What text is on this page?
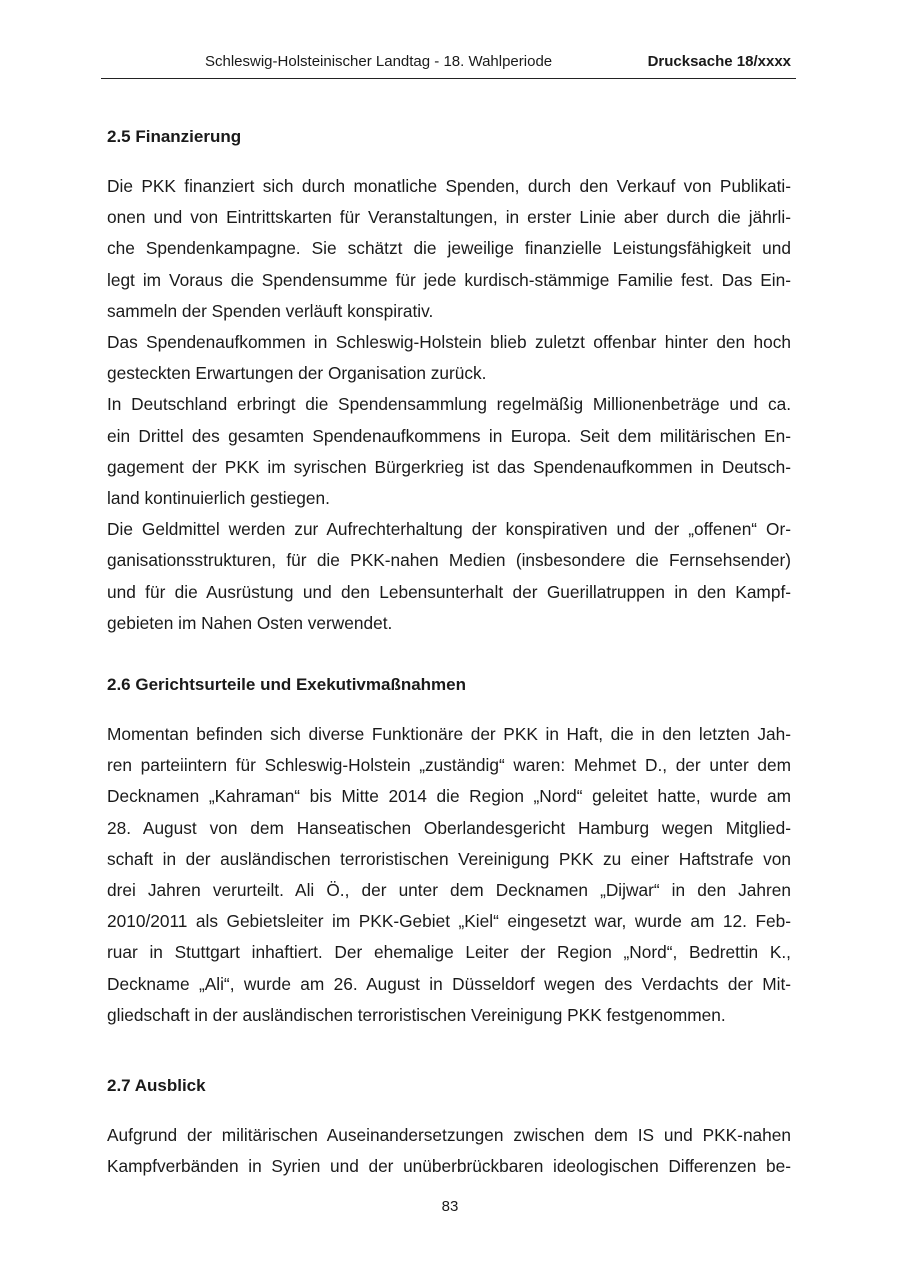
Schleswig-Holsteinischer Landtag - 18. Wahlperiode	Drucksache 18/xxxx
2.5 Finanzierung
Die PKK finanziert sich durch monatliche Spenden, durch den Verkauf von Publikati-
onen und von Eintrittskarten für Veranstaltungen, in erster Linie aber durch die jährli-
che Spendenkampagne. Sie schätzt die jeweilige finanzielle Leistungsfähigkeit und
legt im Voraus die Spendensumme für jede kurdisch-stämmige Familie fest. Das Ein-
sammeln der Spenden verläuft konspirativ.
Das Spendenaufkommen in Schleswig-Holstein blieb zuletzt offenbar hinter den hoch
gesteckten Erwartungen der Organisation zurück.
In Deutschland erbringt die Spendensammlung regelmäßig Millionenbeträge und ca.
ein Drittel des gesamten Spendenaufkommens in Europa. Seit dem militärischen En-
gagement der PKK im syrischen Bürgerkrieg ist das Spendenaufkommen in Deutsch-
land kontinuierlich gestiegen.
Die Geldmittel werden zur Aufrechterhaltung der konspirativen und der „offenen“ Or-
ganisationsstrukturen, für die PKK-nahen Medien (insbesondere die Fernsehsender)
und für die Ausrüstung und den Lebensunterhalt der Guerillatruppen in den Kampf-
gebieten im Nahen Osten verwendet.
2.6 Gerichtsurteile und Exekutivmaßnahmen
Momentan befinden sich diverse Funktionäre der PKK in Haft, die in den letzten Jah-
ren parteiintern für Schleswig-Holstein „zuständig“ waren: Mehmet D., der unter dem
Decknamen „Kahraman“ bis Mitte 2014 die Region „Nord“ geleitet hatte, wurde am
28. August von dem Hanseatischen Oberlandesgericht Hamburg wegen Mitglied-
schaft in der ausländischen terroristischen Vereinigung PKK zu einer Haftstrafe von
drei Jahren verurteilt. Ali Ö., der unter dem Decknamen „Dijwar“ in den Jahren
2010/2011 als Gebietsleiter im PKK-Gebiet „Kiel“ eingesetzt war, wurde am 12. Feb-
ruar in Stuttgart inhaftiert. Der ehemalige Leiter der Region „Nord“, Bedrettin K.,
Deckname „Ali“, wurde am 26. August in Düsseldorf wegen des Verdachts der Mit-
gliedschaft in der ausländischen terroristischen Vereinigung PKK festgenommen.
2.7 Ausblick
Aufgrund der militärischen Auseinandersetzungen zwischen dem IS und PKK-nahen
Kampfverbänden in Syrien und der unüberbrückbaren ideologischen Differenzen be-
83
